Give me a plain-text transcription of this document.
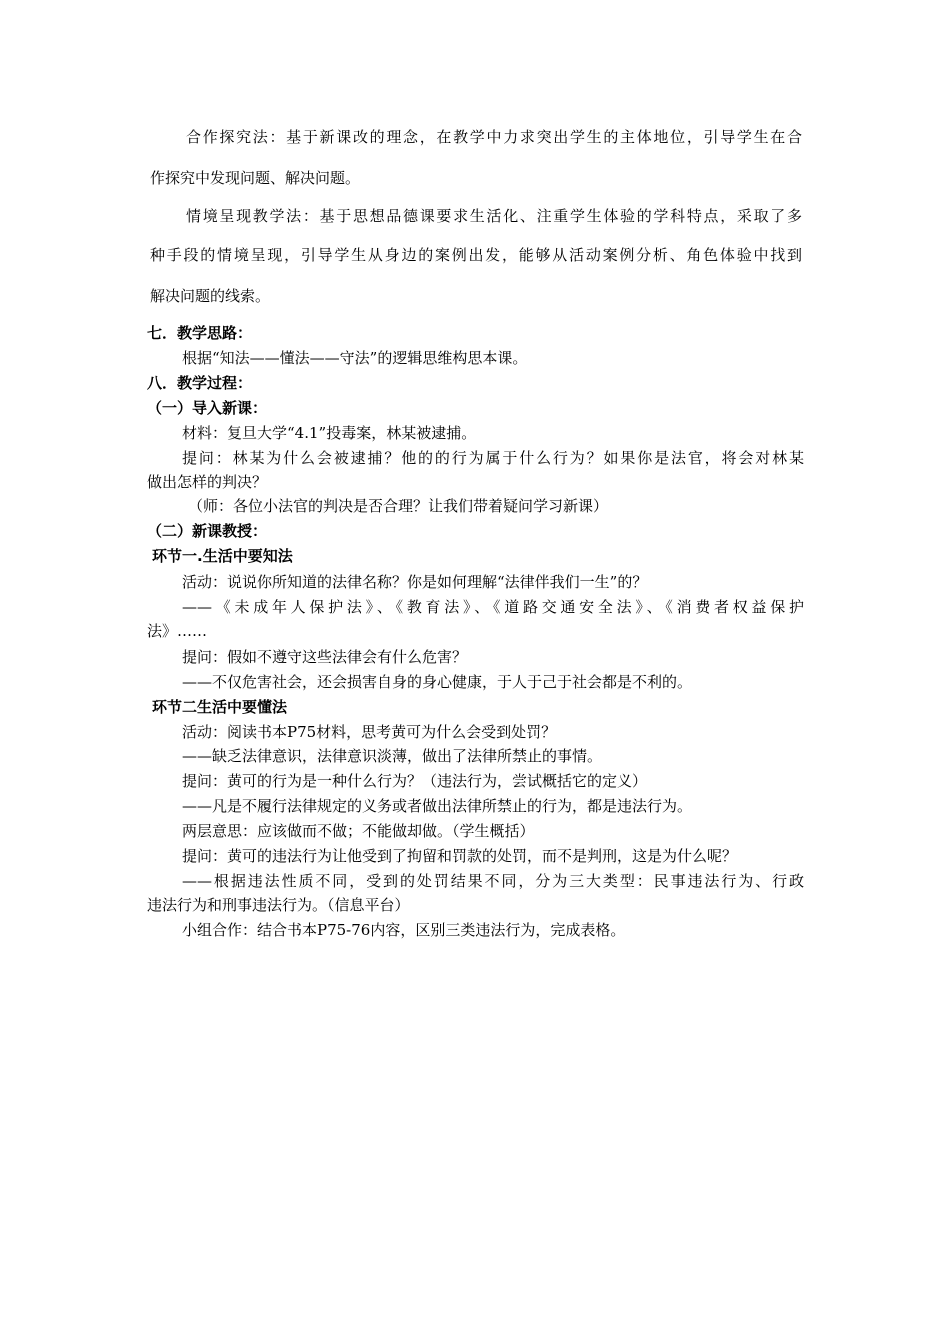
合作探究法：基于新课改的理念，在教学中力求突出学生的主体地位，引导学生在合
作探究中发现问题、解决问题。
情境呈现教学法：基于思想品德课要求生活化、注重学生体验的学科特点，采取了多
种手段的情境呈现，引导学生从身边的案例出发，能够从活动案例分析、角色体验中找到
解决问题的线索。
七．教学思路：
根据“知法——懂法——守法”的逻辑思维构思本课。
八．教学过程：
（一）导入新课：
材料：复旦大学“4.1”投毒案，林某被逮捕。
提问：林某为什么会被逮捕？他的的行为属于什么行为？如果你是法官，将会对林某
做出怎样的判决？
（师：各位小法官的判决是否合理？让我们带着疑问学习新课）
（二）新课教授：
环节一.生活中要知法
活动：说说你所知道的法律名称？你是如何理解“法律伴我们一生”的？
——《未成年人保护法》、《教育法》、《道路交通安全法》、《消费者权益保护
法》……
提问：假如不遵守这些法律会有什么危害？
——不仅危害社会，还会损害自身的身心健康，于人于己于社会都是不利的。
环节二生活中要懂法
活动：阅读书本P75材料，思考黄可为什么会受到处罚？
——缺乏法律意识，法律意识淡薄，做出了法律所禁止的事情。
提问：黄可的行为是一种什么行为？（违法行为，尝试概括它的定义）
——凡是不履行法律规定的义务或者做出法律所禁止的行为，都是违法行为。
两层意思：应该做而不做；不能做却做。（学生概括）
提问：黄可的违法行为让他受到了拘留和罚款的处罚，而不是判刑，这是为什么呢？
——根据违法性质不同，受到的处罚结果不同，分为三大类型：民事违法行为、行政
违法行为和刑事违法行为。（信息平台）
小组合作：结合书本P75-76内容，区别三类违法行为，完成表格。
